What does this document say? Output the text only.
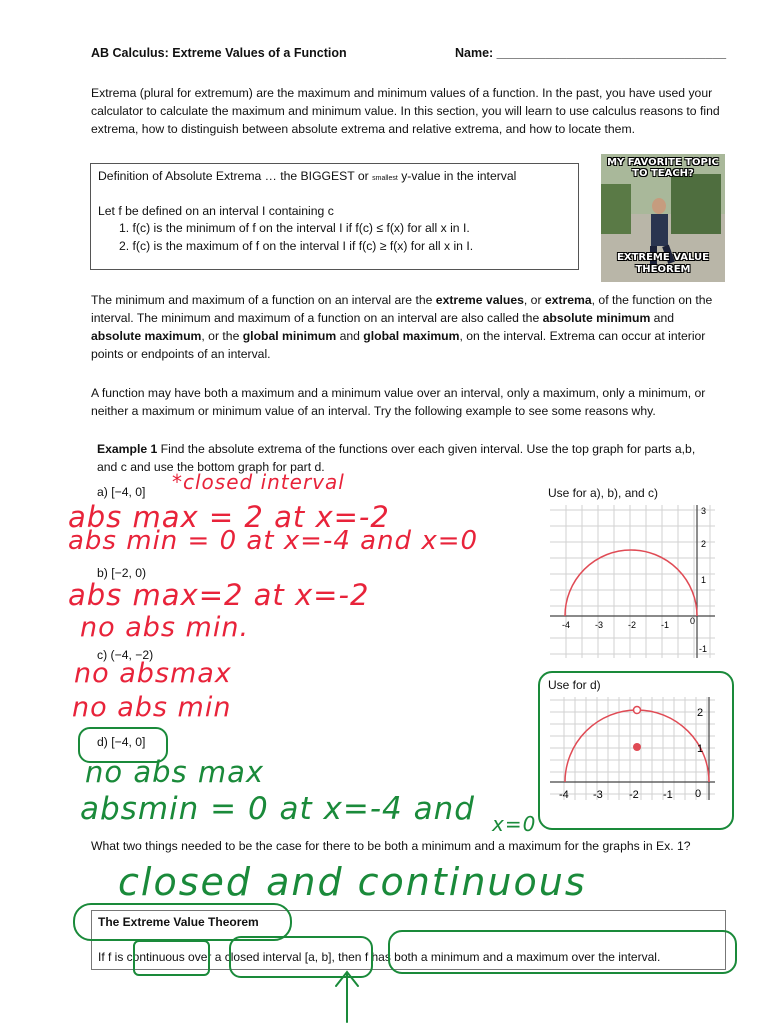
AB Calculus: Extreme Values of a Function	Name: _________________________________
Extrema (plural for extremum) are the maximum and minimum values of a function. In the past, you have used your calculator to calculate the maximum and minimum value. In this section, you will learn to use calculus reasons to find extrema, how to distinguish between absolute extrema and relative extrema, and how to locate them.
Definition of Absolute Extrema … the BIGGEST or smallest y-value in the interval
Let f be defined on an interval I containing c
1. f(c) is the minimum of f on the interval I if f(c) ≤ f(x) for all x in I.
2. f(c) is the maximum of f on the interval I if f(c) ≥ f(x) for all x in I.
MY FAVORITE TOPIC TO TEACH?
EXTREME VALUE THEOREM
The minimum and maximum of a function on an interval are the extreme values, or extrema, of the function on the interval. The minimum and maximum of a function on an interval are also called the absolute minimum and absolute maximum, or the global minimum and global maximum, on the interval. Extrema can occur at interior points or endpoints of an interval.
A function may have both a maximum and a minimum value over an interval, only a maximum, only a minimum, or neither a maximum or minimum value of an interval. Try the following example to see some reasons why.
Example 1 Find the absolute extrema of the functions over each given interval. Use the top graph for parts a,b, and c and use the bottom graph for part d.
a) [−4, 0]
b) [−2, 0)
c) (−4, −2)
d) [−4, 0]
*closed interval
abs max = 2 at x=-2
abs min = 0 at x=-4 and x=0
abs max=2 at x=-2
no abs min.
no absmax
no abs min
no abs max
absmin = 0 at x=-4 and x=0
closed and continuous
Use for a), b), and c)
-4	-3	-2	-1 0
3
2
1
-1
Use for d)
-4 -3 -2 -1 0
2
1
What two things needed to be the case for there to be both a minimum and a maximum for the graphs in Ex. 1?
The Extreme Value Theorem
If f is continuous over a closed interval [a, b], then f has both a minimum and a maximum over the interval.
